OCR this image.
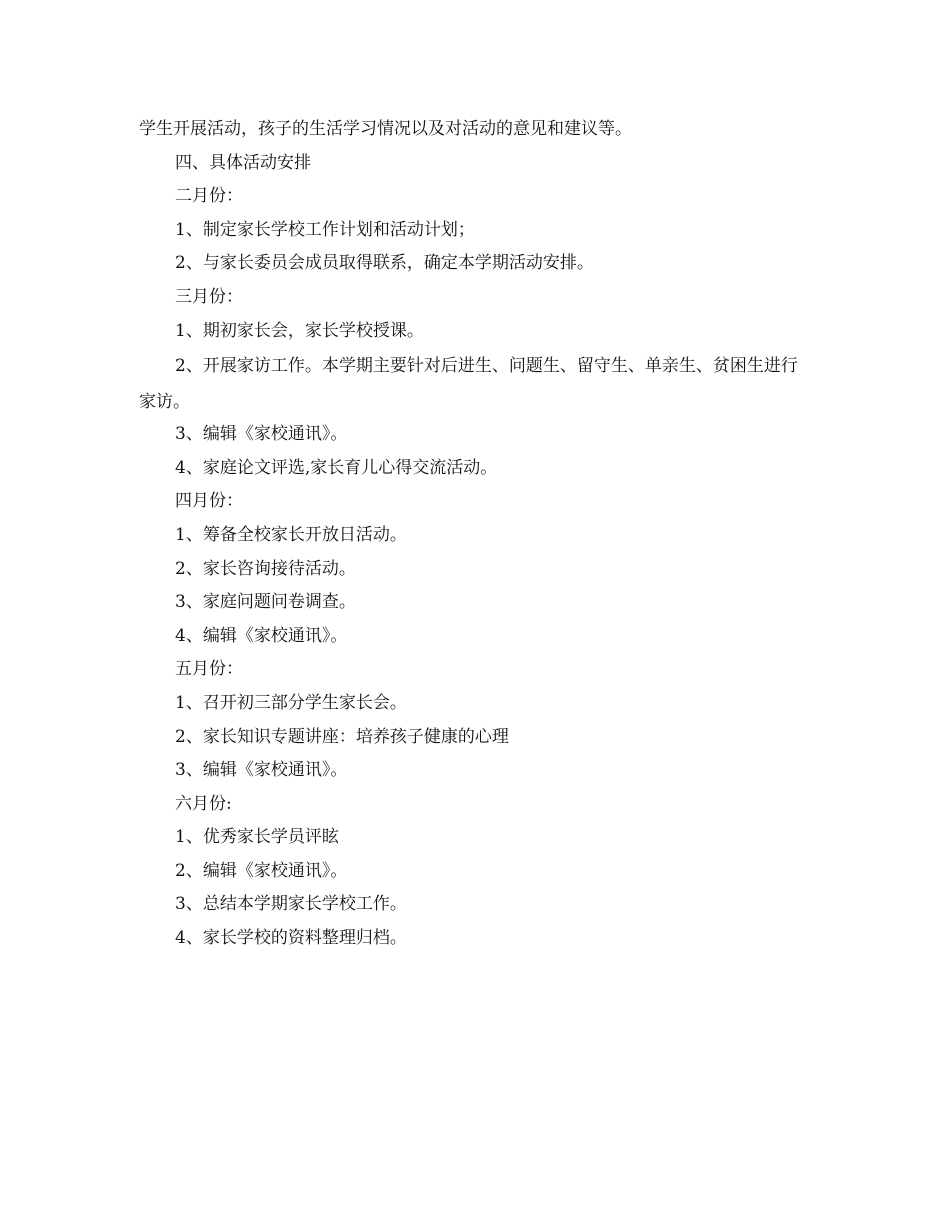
学生开展活动，孩子的生活学习情况以及对活动的意见和建议等。
四、具体活动安排
二月份：
1、制定家长学校工作计划和活动计划；
2、与家长委员会成员取得联系，确定本学期活动安排。
三月份：
1、期初家长会，家长学校授课。
2、开展家访工作。本学期主要针对后进生、问题生、留守生、单亲生、贫困生进行家访。
3、编辑《家校通讯》。
4、家庭论文评选,家长育儿心得交流活动。
四月份：
1、筹备全校家长开放日活动。
2、家长咨询接待活动。
3、家庭问题问卷调查。
4、编辑《家校通讯》。
五月份：
1、召开初三部分学生家长会。
2、家长知识专题讲座：培养孩子健康的心理
3、编辑《家校通讯》。
六月份:
1、优秀家长学员评眩
2、编辑《家校通讯》。
3、总结本学期家长学校工作。
4、家长学校的资料整理归档。
